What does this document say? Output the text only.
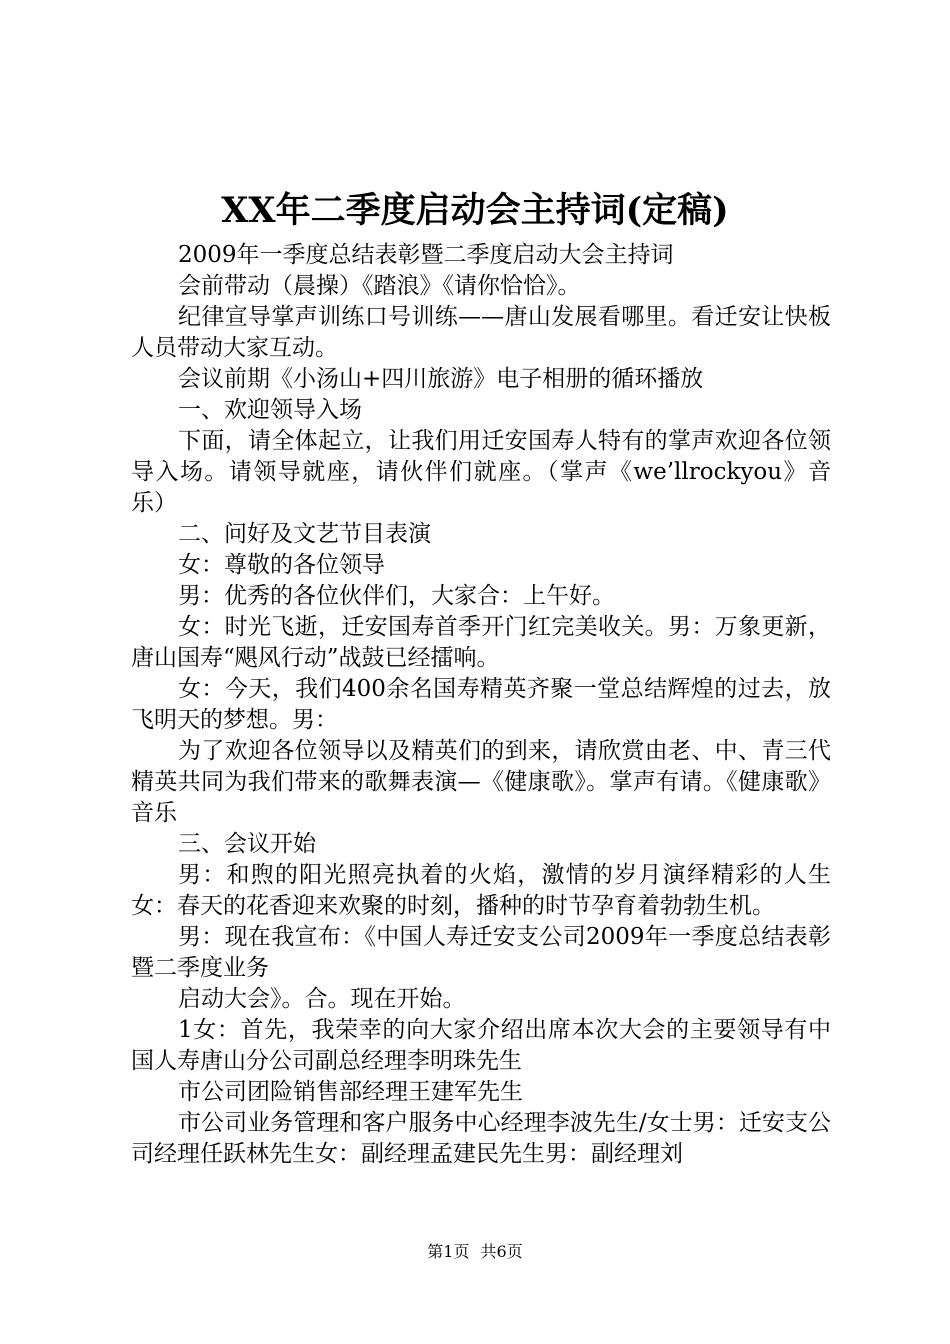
XX年二季度启动会主持词(定稿)

2009年一季度总结表彰暨二季度启动大会主持词

会前带动（晨操）《踏浪》《请你恰恰》。

纪律宣导掌声训练口号训练——唐山发展看哪里。看迁安让快板人员带动大家互动。

会议前期《小汤山+四川旅游》电子相册的循环播放

一、欢迎领导入场

下面，请全体起立，让我们用迁安国寿人特有的掌声欢迎各位领导入场。请领导就座，请伙伴们就座。（掌声《we’llrockyou》音乐）

二、问好及文艺节目表演

女：尊敬的各位领导

男：优秀的各位伙伴们，大家合：上午好。

女：时光飞逝，迁安国寿首季开门红完美收关。男：万象更新，唐山国寿“飓风行动”战鼓已经擂响。

女：今天，我们400余名国寿精英齐聚一堂总结辉煌的过去，放飞明天的梦想。男：

为了欢迎各位领导以及精英们的到来，请欣赏由老、中、青三代精英共同为我们带来的歌舞表演—《健康歌》。掌声有请。《健康歌》音乐

三、会议开始

男：和煦的阳光照亮执着的火焰，激情的岁月演绎精彩的人生女：春天的花香迎来欢聚的时刻，播种的时节孕育着勃勃生机。

男：现在我宣布：《中国人寿迁安支公司2009年一季度总结表彰暨二季度业务

启动大会》。合。现在开始。

1女：首先，我荣幸的向大家介绍出席本次大会的主要领导有中国人寿唐山分公司副总经理李明珠先生

市公司团险销售部经理王建军先生

市公司业务管理和客户服务中心经理李波先生/女士男：迁安支公司经理任跃林先生女：副经理孟建民先生男：副经理刘

第1页 共6页
